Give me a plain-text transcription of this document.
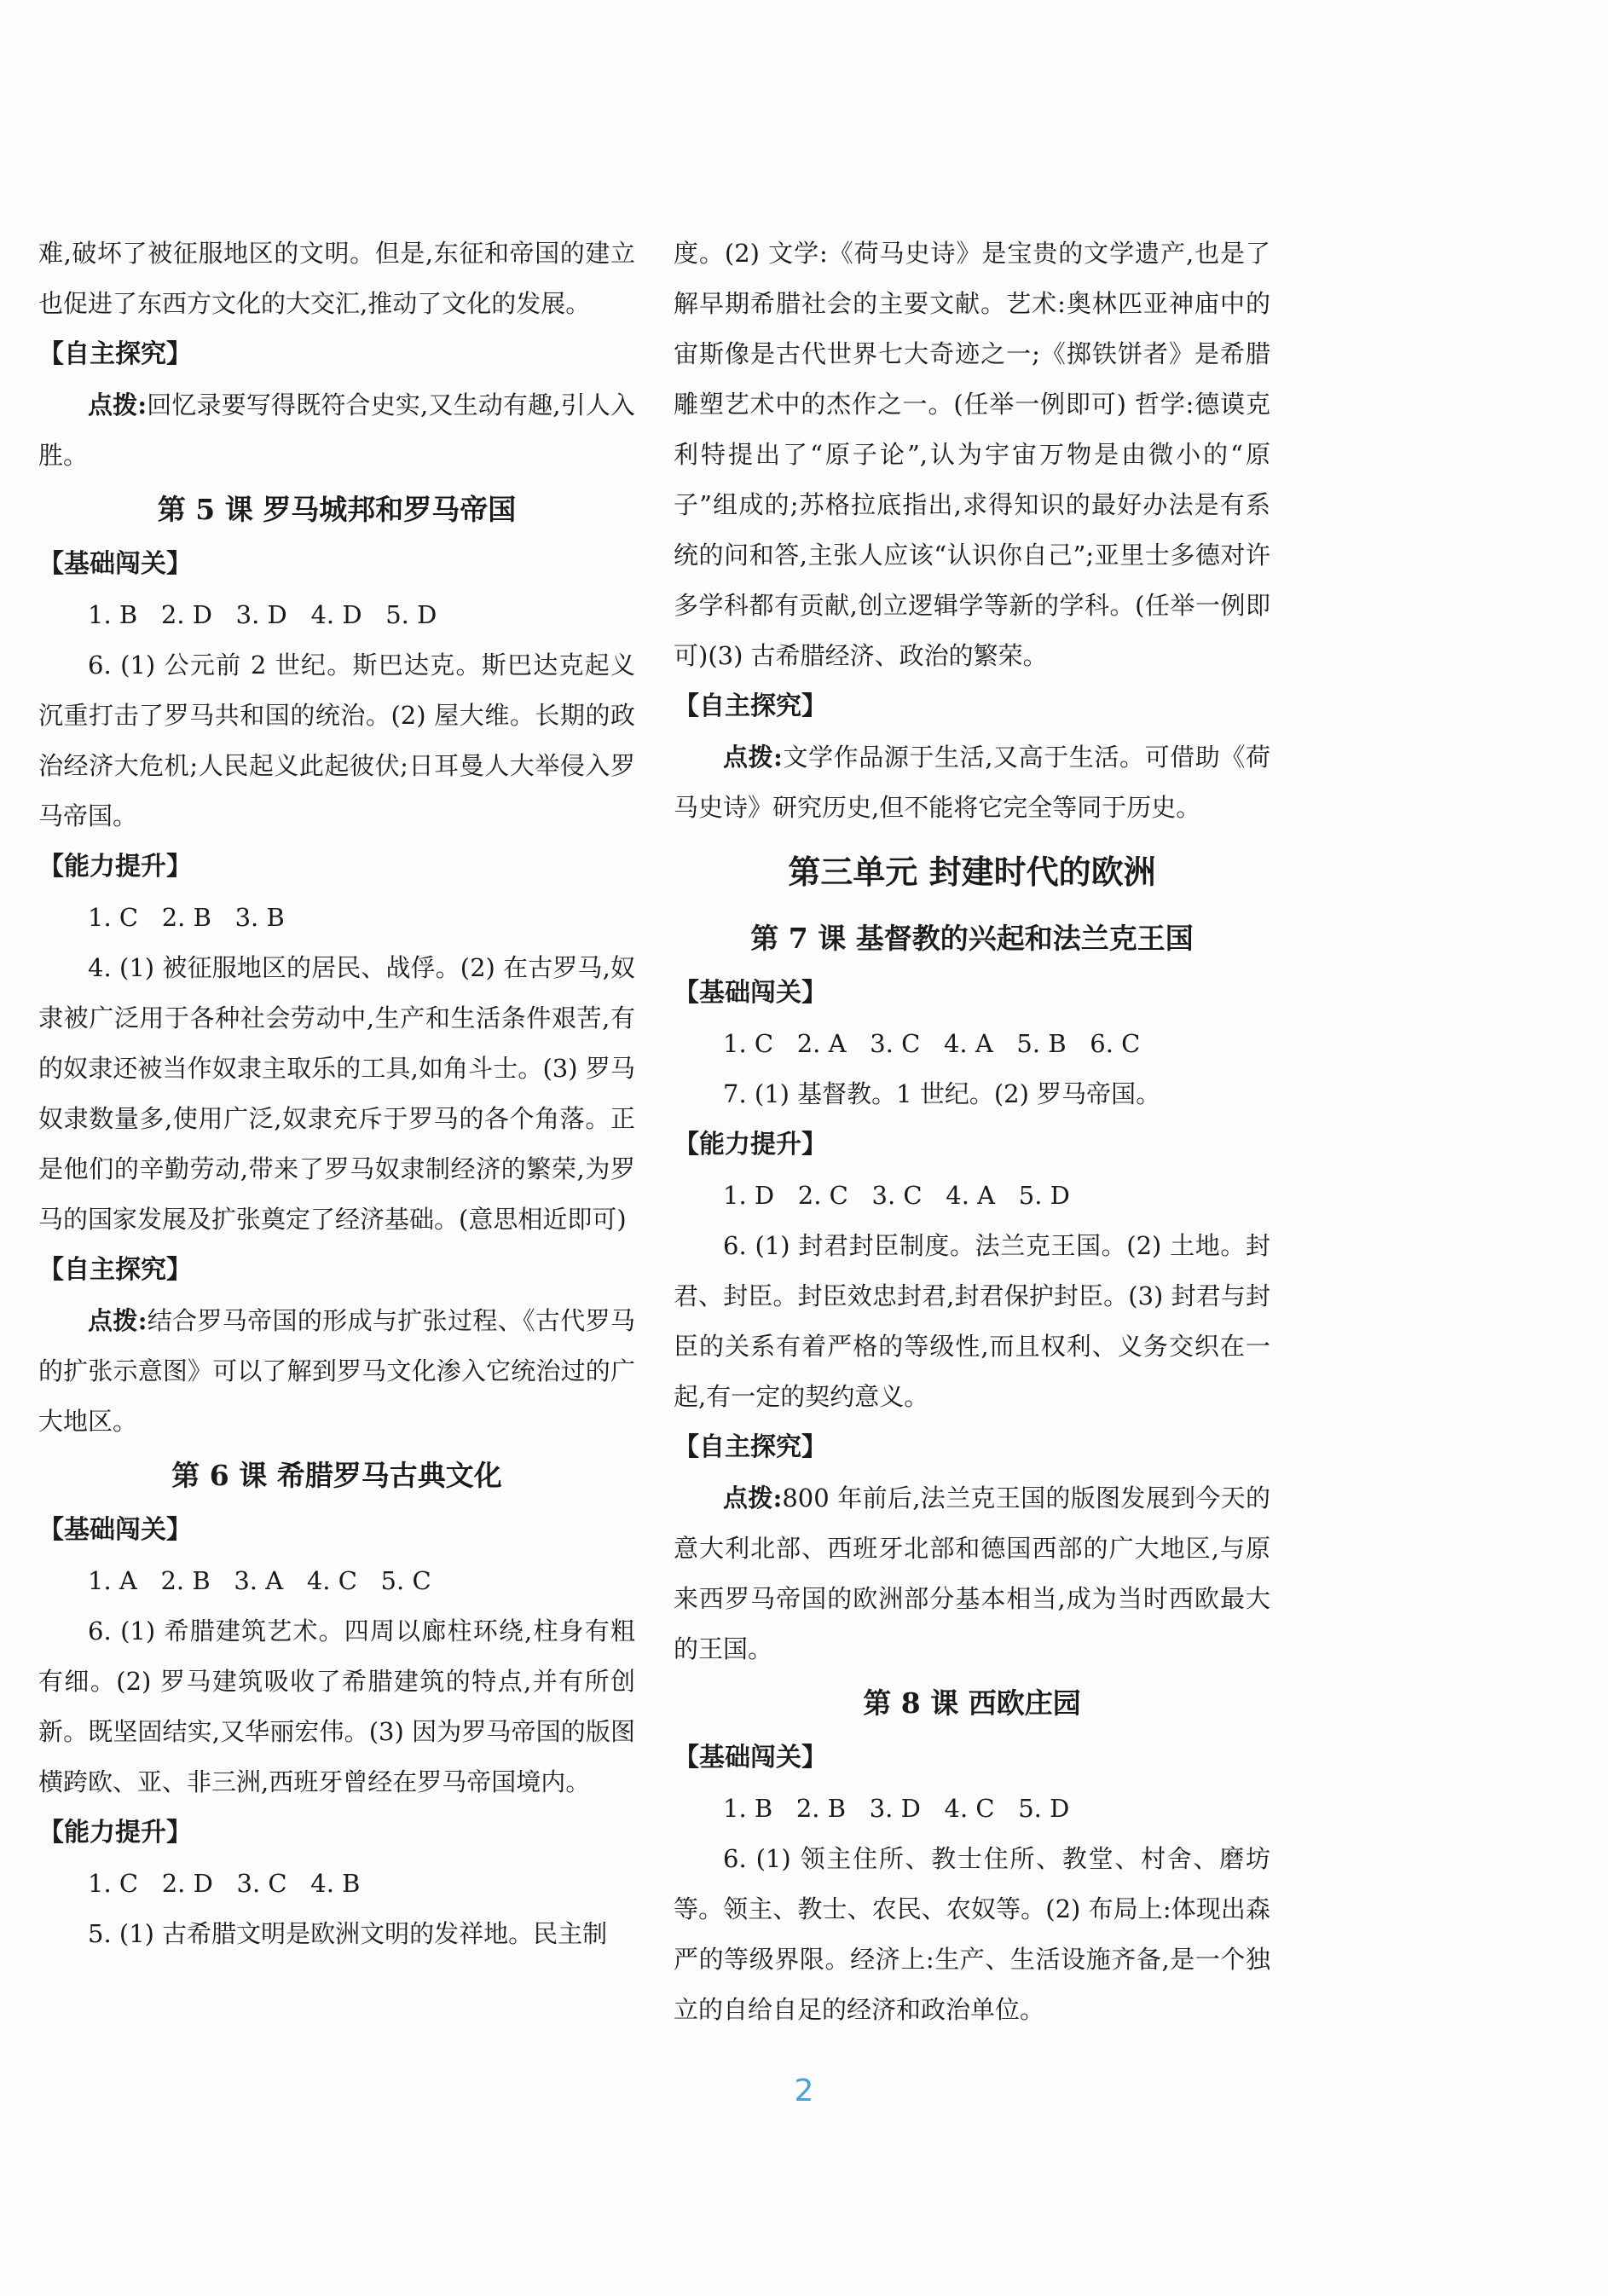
难,破坏了被征服地区的文明。但是,东征和帝国的建立也促进了东西方文化的大交汇,推动了文化的发展。

【自主探究】

点拨:回忆录要写得既符合史实,又生动有趣,引人入胜。

第 5 课 罗马城邦和罗马帝国

【基础闯关】

1. B   2. D   3. D   4. D   5. D

6. (1) 公元前 2 世纪。斯巴达克。斯巴达克起义沉重打击了罗马共和国的统治。(2) 屋大维。长期的政治经济大危机;人民起义此起彼伏;日耳曼人大举侵入罗马帝国。

【能力提升】

1. C   2. B   3. B

4. (1) 被征服地区的居民、战俘。(2) 在古罗马,奴隶被广泛用于各种社会劳动中,生产和生活条件艰苦,有的奴隶还被当作奴隶主取乐的工具,如角斗士。(3) 罗马奴隶数量多,使用广泛,奴隶充斥于罗马的各个角落。正是他们的辛勤劳动,带来了罗马奴隶制经济的繁荣,为罗马的国家发展及扩张奠定了经济基础。(意思相近即可)

【自主探究】

点拨:结合罗马帝国的形成与扩张过程、《古代罗马的扩张示意图》可以了解到罗马文化渗入它统治过的广大地区。

第 6 课 希腊罗马古典文化

【基础闯关】

1. A   2. B   3. A   4. C   5. C

6. (1) 希腊建筑艺术。四周以廊柱环绕,柱身有粗有细。(2) 罗马建筑吸收了希腊建筑的特点,并有所创新。既坚固结实,又华丽宏伟。(3) 因为罗马帝国的版图横跨欧、亚、非三洲,西班牙曾经在罗马帝国境内。

【能力提升】

1. C   2. D   3. C   4. B

5. (1) 古希腊文明是欧洲文明的发祥地。民主制

度。(2) 文学:《荷马史诗》是宝贵的文学遗产,也是了解早期希腊社会的主要文献。艺术:奥林匹亚神庙中的宙斯像是古代世界七大奇迹之一;《掷铁饼者》是希腊雕塑艺术中的杰作之一。(任举一例即可) 哲学:德谟克利特提出了“原子论”,认为宇宙万物是由微小的“原子”组成的;苏格拉底指出,求得知识的最好办法是有系统的问和答,主张人应该“认识你自己”;亚里士多德对许多学科都有贡献,创立逻辑学等新的学科。(任举一例即可)(3) 古希腊经济、政治的繁荣。

【自主探究】

点拨:文学作品源于生活,又高于生活。可借助《荷马史诗》研究历史,但不能将它完全等同于历史。

第三单元 封建时代的欧洲

第 7 课 基督教的兴起和法兰克王国

【基础闯关】

1. C   2. A   3. C   4. A   5. B   6. C

7. (1) 基督教。1 世纪。(2) 罗马帝国。

【能力提升】

1. D   2. C   3. C   4. A   5. D

6. (1) 封君封臣制度。法兰克王国。(2) 土地。封君、封臣。封臣效忠封君,封君保护封臣。(3) 封君与封臣的关系有着严格的等级性,而且权利、义务交织在一起,有一定的契约意义。

【自主探究】

点拨:800 年前后,法兰克王国的版图发展到今天的意大利北部、西班牙北部和德国西部的广大地区,与原来西罗马帝国的欧洲部分基本相当,成为当时西欧最大的王国。

第 8 课 西欧庄园

【基础闯关】

1. B   2. B   3. D   4. C   5. D

6. (1) 领主住所、教士住所、教堂、村舍、磨坊等。领主、教士、农民、农奴等。(2) 布局上:体现出森严的等级界限。经济上:生产、生活设施齐备,是一个独立的自给自足的经济和政治单位。

2
